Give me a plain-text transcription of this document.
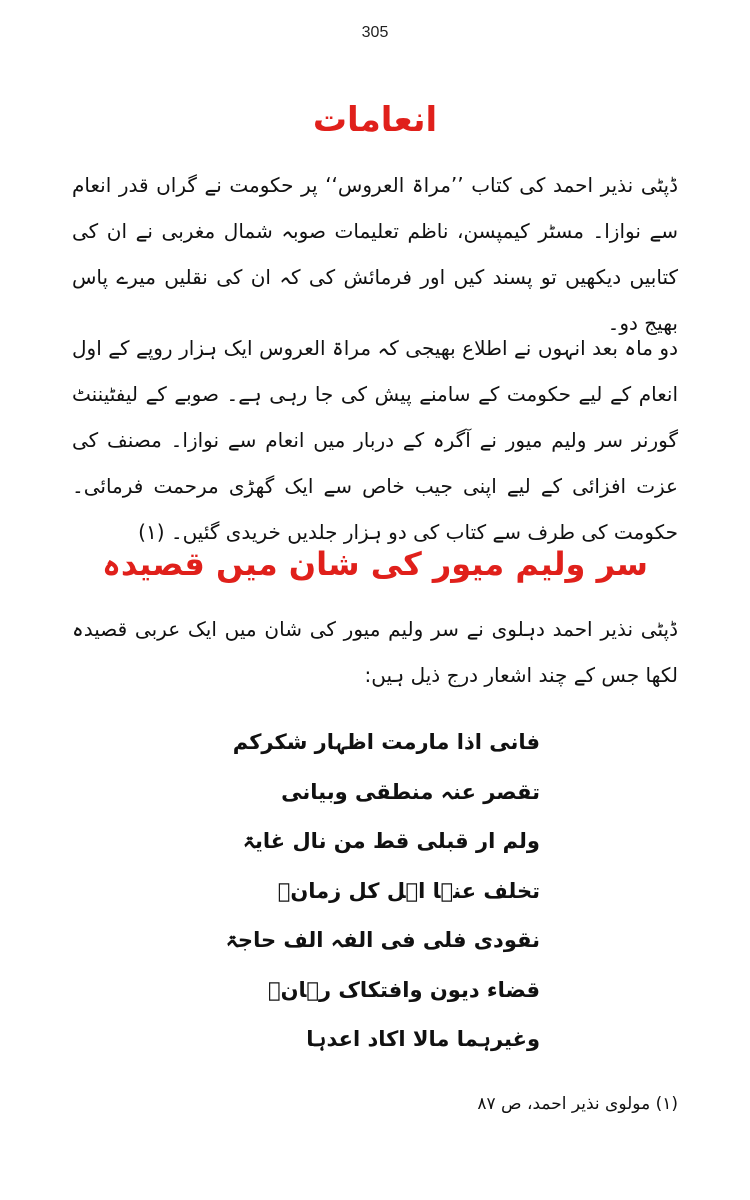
305
انعامات

ڈپٹی نذیر احمد کی کتاب ’’مراۃ العروس‘‘ پر حکومت نے گراں قدر انعام سے نوازا۔ مسٹر کیمپسن، ناظم تعلیمات صوبہ شمال مغربی نے ان کی کتابیں دیکھیں تو پسند کیں اور فرمائش کی کہ ان کی نقلیں میرے پاس بھیج دو۔

دو ماہ بعد انہوں نے اطلاع بھیجی کہ مراۃ العروس ایک ہزار روپے کے اول انعام کے لیے حکومت کے سامنے پیش کی جا رہی ہے۔ صوبے کے لیفٹیننٹ گورنر سر ولیم میور نے آگرہ کے دربار میں انعام سے نوازا۔ مصنف کی عزت افزائی کے لیے اپنی جیب خاص سے ایک گھڑی مرحمت فرمائی۔ حکومت کی طرف سے کتاب کی دو ہزار جلدیں خریدی گئیں۔ (۱)

سر ولیم میور کی شان میں قصیدہ

ڈپٹی نذیر احمد دہلوی نے سر ولیم میور کی شان میں ایک عربی قصیدہ لکھا جس کے چند اشعار درج ذیل ہیں:

فانی اذا مارمت اظہار شکرکم
تقصر عنہ منطقی وبیانی
ولم ار قبلی قط من نال غایۃ
تخلف عنہا اہل کل زمانٖ
نقودی فلی فی الفہ الف حاجۃ
قضاء دیون وافتکاک رہانٖ
وغیرہما مالا اکاد اعدہا
(۱) مولوی نذیر احمد، ص ۸۷
